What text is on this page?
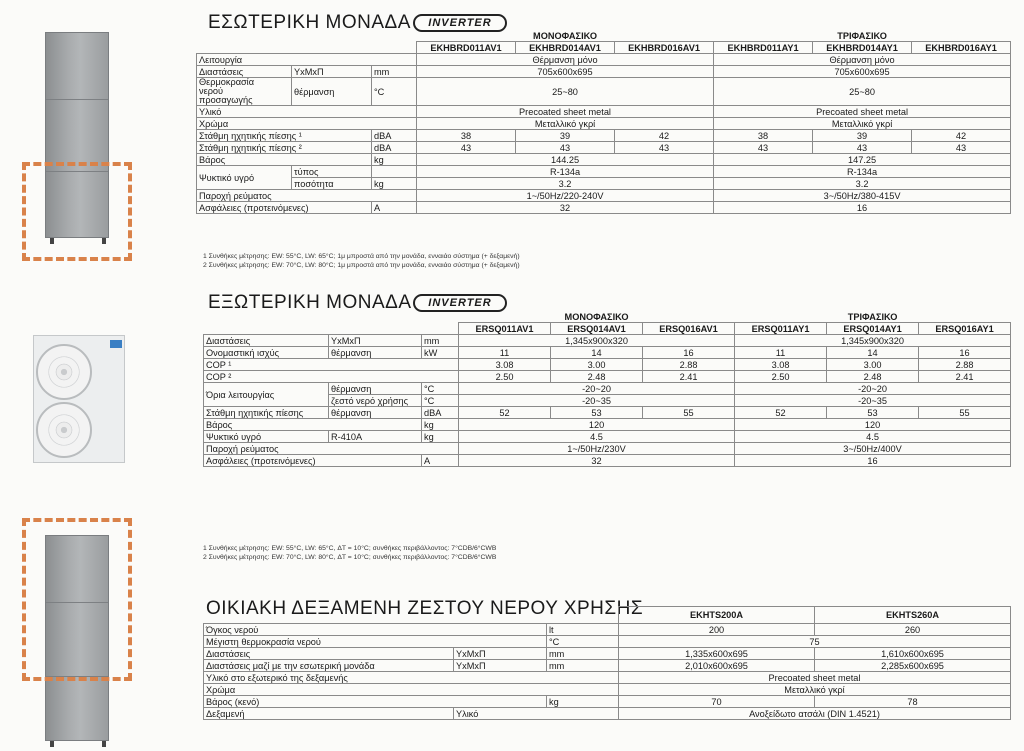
ΕΣΩΤΕΡΙΚΗ ΜΟΝΑΔΑ	INVERTER
			ΜΟΝΟΦΑΣΙΚΟ			ΤΡΙΦΑΣΙΚΟ		
			EKHBRD011AV1	EKHBRD014AV1	EKHBRD016AV1	EKHBRD011AY1	EKHBRD014AY1	EKHBRD016AY1
Λειτουργία			Θέρμανση μόνο			Θέρμανση μόνο		
Διαστάσεις	ΥxΜxΠ	mm	705x600x695			705x600x695		
Θερμοκρασία
νερού
προσαγωγής	θέρμανση	°C	25~80			25~80		
Υλικό			Precoated sheet metal			Precoated sheet metal		
Χρώμα			Μεταλλικό γκρί			Μεταλλικό γκρί		
Στάθμη ηχητικής πίεσης ¹		dBA	38	39	42	38	39	42
Στάθμη ηχητικής πίεσης ²		dBA	43	43	43	43	43	43
Βάρος		kg	144.25			147.25		
Ψυκτικό υγρό	τύπος		R-134a			R-134a		
	ποσότητα	kg	3.2			3.2		
Παροχή ρεύματος			1~/50Hz/220-240V			3~/50Hz/380-415V		
Ασφάλειες (προτεινόμενες)		A	32			16		
1 Συνθήκες μέτρησης: EW: 55°C, LW: 65°C; 1μ μπροστά από την μονάδα, ενναιάο σύστημα (+ δεξαμενή)
2 Συνθήκες μέτρησης: EW: 70°C, LW: 80°C; 1μ μπροστά από την μονάδα, ενναιάο σύστημα (+ δεξαμενή)
ΕΞΩΤΕΡΙΚΗ ΜΟΝΑΔΑ	INVERTER
			ΜΟΝΟΦΑΣΙΚΟ			ΤΡΙΦΑΣΙΚΟ		
			ERSQ011AV1	ERSQ014AV1	ERSQ016AV1	ERSQ011AY1	ERSQ014AY1	ERSQ016AY1
Διαστάσεις	ΥxΜxΠ	mm	1,345x900x320			1,345x900x320		
Ονομαστική ισχύς	θέρμανση	kW	11	14	16	11	14	16
COP ¹			3.08	3.00	2.88	3.08	3.00	2.88
COP ²			2.50	2.48	2.41	2.50	2.48	2.41
Όρια λειτουργίας	θέρμανση	°C	-20~20			-20~20		
	ζεστό νερό χρήσης	°C	-20~35			-20~35		
Στάθμη ηχητικής πίεσης	θέρμανση	dBA	52	53	55	52	53	55
Βάρος		kg	120			120		
Ψυκτικό υγρό	R-410A	kg	4.5			4.5		
Παροχή ρεύματος			1~/50Hz/230V			3~/50Hz/400V		
Ασφάλειες (προτεινόμενες)		A	32			16		
1 Συνθήκες μέτρησης: EW: 55°C, LW: 65°C, ΔT = 10°C; συνθήκες περιβάλλοντος: 7°CDB/6°CWB
2 Συνθήκες μέτρησης: EW: 70°C, LW: 80°C, ΔT = 10°C; συνθήκες περιβάλλοντος: 7°CDB/6°CWB
ΟΙΚΙΑΚΗ ΔΕΞΑΜΕΝΗ ΖΕΣΤΟΥ ΝΕΡΟΥ ΧΡΗΣΗΣ
			EKHTS200A	EKHTS260A
Όγκος νερού		lt	200	260
Μέγιστη θερμοκρασία νερού		°C	75	
Διαστάσεις	ΥxΜxΠ	mm	1,335x600x695	1,610x600x695
Διαστάσεις μαζί με την εσωτερική μονάδα	ΥxΜxΠ	mm	2,010x600x695	2,285x600x695
Υλικό στο εξωτερικό της δεξαμενής			Precoated sheet metal	
Χρώμα			Μεταλλικό γκρί	
Βάρος (κενό)		kg	70	78
Δεξαμενή	Υλικό		Ανοξείδωτο ατσάλι (DIN 1.4521)	
